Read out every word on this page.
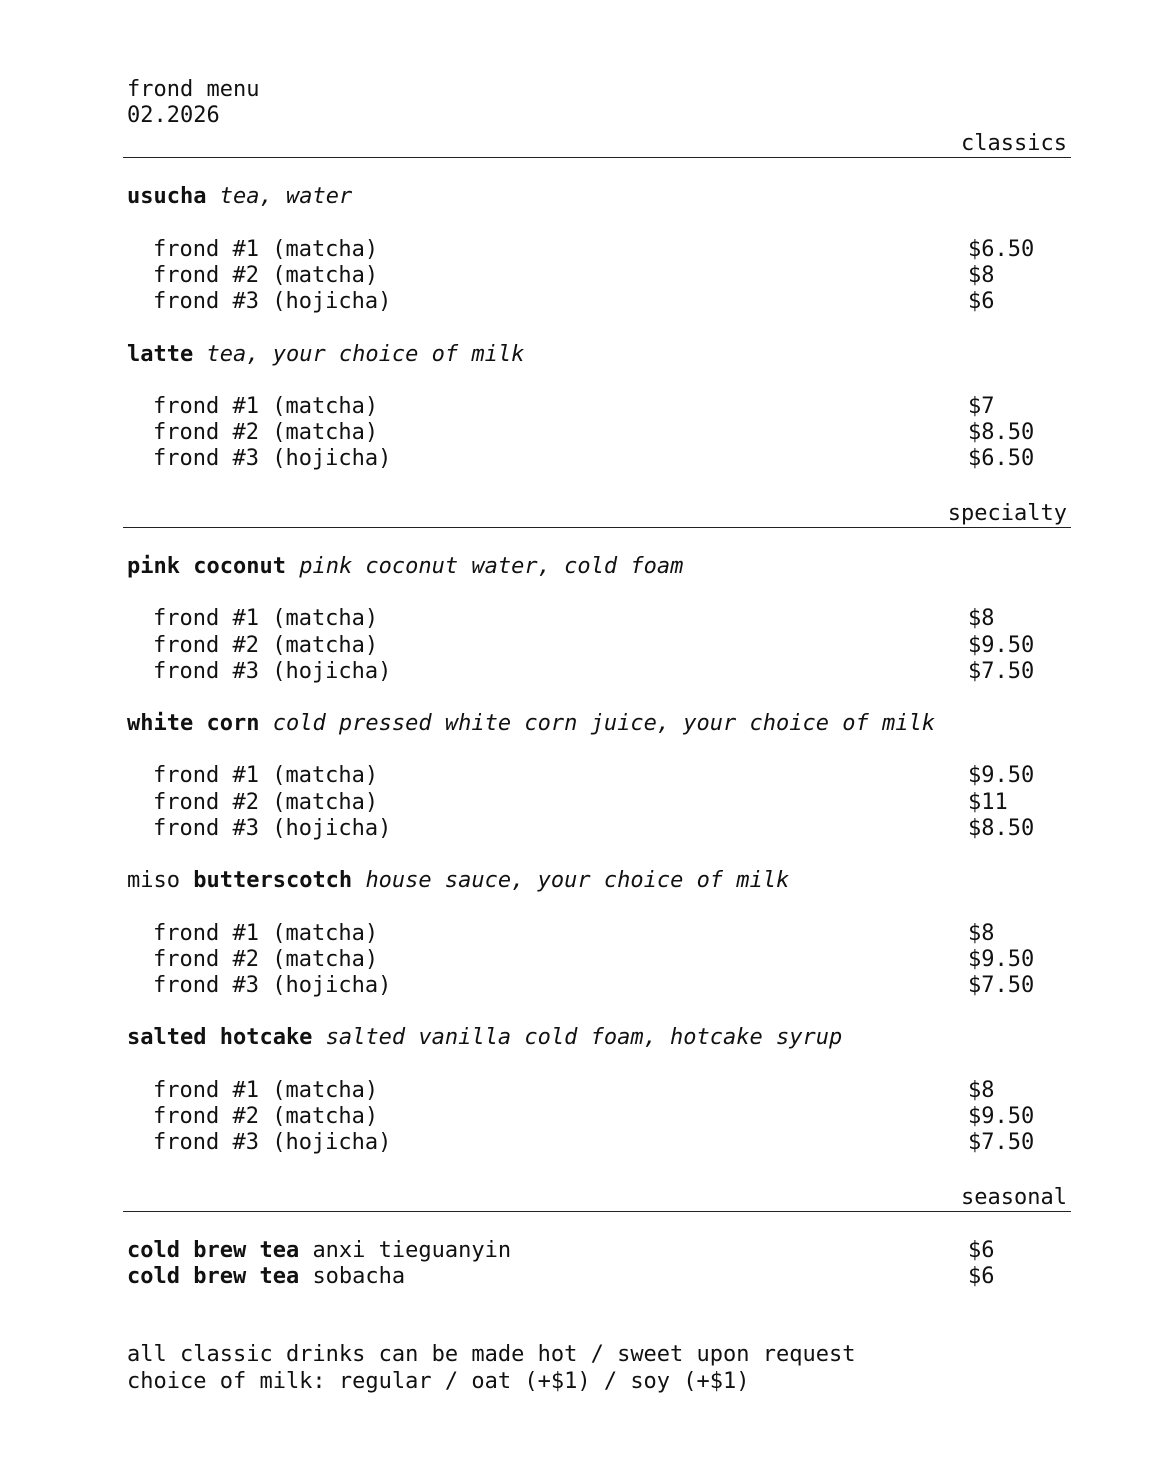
frond menu
02.2026
classics
usucha tea, water
frond #1 (matcha)	$6.50
frond #2 (matcha)	$8
frond #3 (hojicha)	$6
latte tea, your choice of milk
frond #1 (matcha)	$7
frond #2 (matcha)	$8.50
frond #3 (hojicha)	$6.50
specialty
pink coconut pink coconut water, cold foam
frond #1 (matcha)	$8
frond #2 (matcha)	$9.50
frond #3 (hojicha)	$7.50
white corn cold pressed white corn juice, your choice of milk
frond #1 (matcha)	$9.50
frond #2 (matcha)	$11
frond #3 (hojicha)	$8.50
miso butterscotch house sauce, your choice of milk
frond #1 (matcha)	$8
frond #2 (matcha)	$9.50
frond #3 (hojicha)	$7.50
salted hotcake salted vanilla cold foam, hotcake syrup
frond #1 (matcha)	$8
frond #2 (matcha)	$9.50
frond #3 (hojicha)	$7.50
seasonal
cold brew tea anxi tieguanyin	$6
cold brew tea sobacha	$6
all classic drinks can be made hot / sweet upon request
choice of milk: regular / oat (+$1) / soy (+$1)
